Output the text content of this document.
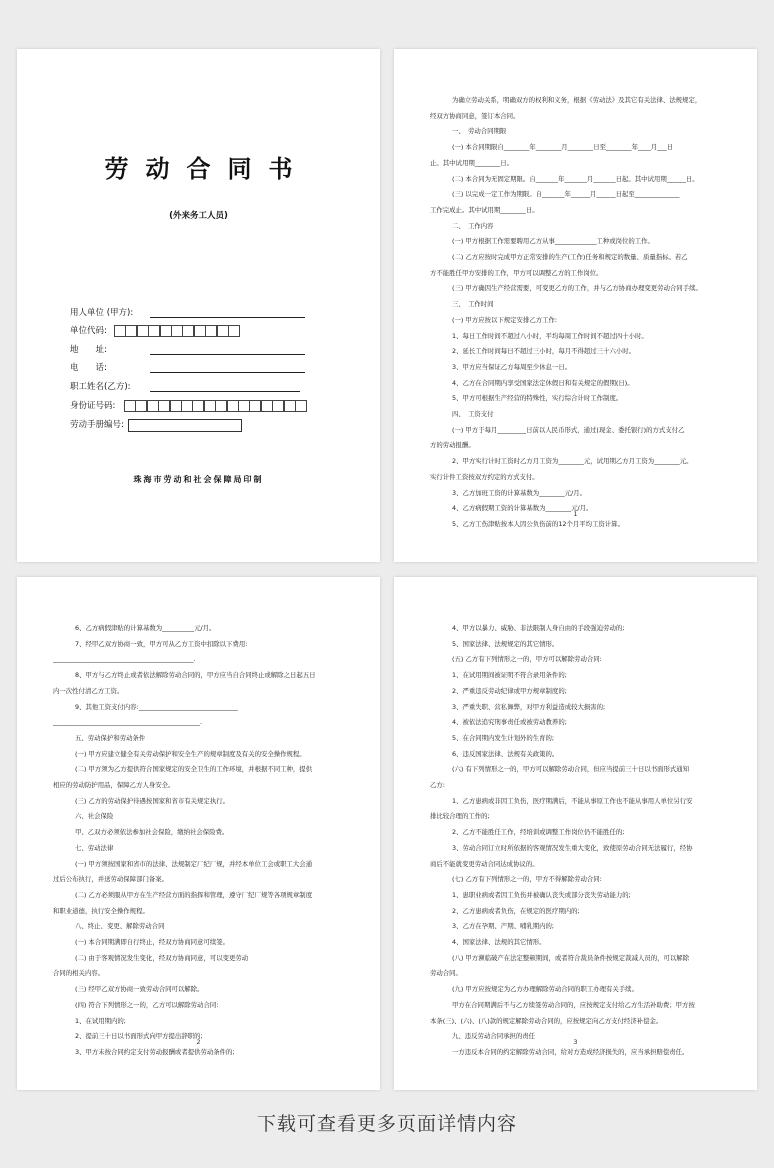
劳动合同书
(外来务工人员)
用人单位 (甲方):
单位代码:
地　　址:
电　　话:
职工姓名(乙方):
身份证号码:
劳动手册编号:
珠海市劳动和社会保障局印制

为确立劳动关系，明确双方的权利和义务，根据《劳动法》及其它有关法律、法规规定，

经双方协商同意，签订本合同。

一、　劳动合同期限

(一) 本合同期限自________年________月________日至________年____月___日

止。其中试用期________日。

(二) 本合同为无固定期限。自_______年_______月_______日起。其中试用期______日。

(三) 以完成一定工作为期限。自_______年______月______日起至______________

工作完成止。其中试用期________日。

二、　工作内容

(一) 甲方根据工作需要聘用乙方从事_____________工种或岗位的工作。

(二) 乙方应按时完成甲方正常安排的生产(工作)任务和规定的数量、质量指标。若乙

方不能胜任甲方安排的工作，甲方可以调整乙方的工作岗位。

(三) 甲方确因生产经营需要，可变更乙方的工作，并与乙方协商办理变更劳动合同手续。

三、　工作时间

(一) 甲方应按以下规定安排乙方工作:

1、每日工作时间不超过八小时，平均每周工作时间不超过四十小时。

2、延长工作时间每日不超过三小时，每月不得超过三十六小时。

3、甲方应当保证乙方每周至少休息一日。

4、乙方在合同期内享受国家法定休假日和有关规定的假期(日)。

5、甲方可根据生产经营的特殊性，实行综合计时工作制度。

四、　工资支付

(一) 甲方于每月_________日前以人民币形式，通过(现金、委托银行)的方式支付乙

方的劳动报酬。

2、甲方实行计时工资时乙方月工资为________元，试用期乙方月工资为________元。

实行计件工资按双方约定的方式支付。

3、乙方加班工资的计算基数为________元/月。

4、乙方病假期工资的计算基数为________元/月。

5、乙方工伤津贴按本人因公负伤前的12个月平均工资计算。

1

6、乙方病假津贴的计算基数为__________元/月。

7、经甲乙双方协商一致，甲方可从乙方工资中扣除以下费用:

____________________________________________.

8、甲方与乙方终止或者依法解除劳动合同的，甲方应当自合同终止或解除之日起五日

内一次性付清乙方工资。

9、其他工资支付内容:_______________________________

______________________________________________.

五、劳动保护和劳动条件

(一) 甲方应建立健全有关劳动保护和安全生产的规章制度及有关的安全操作规程。

(二) 甲方须为乙方提供符合国家规定的安全卫生的工作环境，并根据不同工种，提供

相应的劳动防护用品，保障乙方人身安全。

(三) 乙方的劳动保护待遇按国家和省市有关规定执行。

六、社会保险

甲、乙双方必须依法参加社会保险，缴纳社会保险费。

七、劳动法律

(一) 甲方须按国家和省市的法律、法规制定厂纪厂规，并经本单位工会或职工大会通

过后公布执行，并送劳动保障部门备案。

(二) 乙方必须服从甲方在生产经营方面的指挥和管理，遵守厂纪厂规等各项规章制度

和职业道德，执行安全操作规程。

八、终止、变更、解除劳动合同

(一) 本合同期满即自行终止，经双方协商同意可续签。

(二) 由于客观情况发生变化，经双方协商同意，可以变更劳动

合同的相关内容。

(三) 经甲乙双方协商一致劳动合同可以解除。

(四) 符合下列情形之一的，乙方可以解除劳动合同:

1、在试用期内的;

2、提前三十日以书面形式向甲方提出辞职的;

3、甲方未按合同约定支付劳动报酬或者提供劳动条件的;

2

4、甲方以暴力、威胁、非法限制人身自由的手段强迫劳动的;

5、国家法律、法规规定的其它情形。

(五) 乙方有下列情形之一的，甲方可以解除劳动合同:

1、在试用期间被证明不符合录用条件的;

2、严重违反劳动纪律或甲方规章制度的;

3、严重失职、营私舞弊，对甲方利益造成较大损害的;

4、被依法追究刑事责任或被劳动教养的;

5、在合同期内发生计划外的生育的;

6、违反国家法律、法规有关政策的。

(六) 有下列情形之一的，甲方可以解除劳动合同，但应当提前三十日以书面形式通知

乙方:

1、乙方患病或非因工负伤，医疗期满后，不能从事原工作也不能从事用人单位另行安

排比较合理的工作的;

2、乙方不能胜任工作，经培训或调整工作岗位仍不能胜任的;

3、劳动合同订立时所依据的客观情况发生重大变化，致使原劳动合同无法履行，经协

商后不能就变更劳动合同达成协议的。

(七) 乙方有下列情形之一的，甲方不得解除劳动合同:

1、患职业病或者因工负伤并被确认丧失或部分丧失劳动能力的;

2、乙方患病或者负伤，在规定的医疗期内的;

3、乙方在孕期、产期、哺乳期内的;

4、国家法律、法规的其它情形。

(八) 甲方濒临破产在法定整顿期间，或者符合裁员条件按规定裁减人员的，可以解除

劳动合同。

(九) 甲方应按规定为乙方办理解除劳动合同的职工办理有关手续。

甲方在合同期满后不与乙方续签劳动合同的，应按规定支付给乙方生活补助费；甲方按

本条(三)、(六)、(八)款的规定解除劳动合同的，应按规定向乙方支付经济补偿金。

九、违反劳动合同承担的责任

一方违反本合同的约定解除劳动合同，给对方造成经济损失的，应当承担赔偿责任。

3
下载可查看更多页面详情内容
